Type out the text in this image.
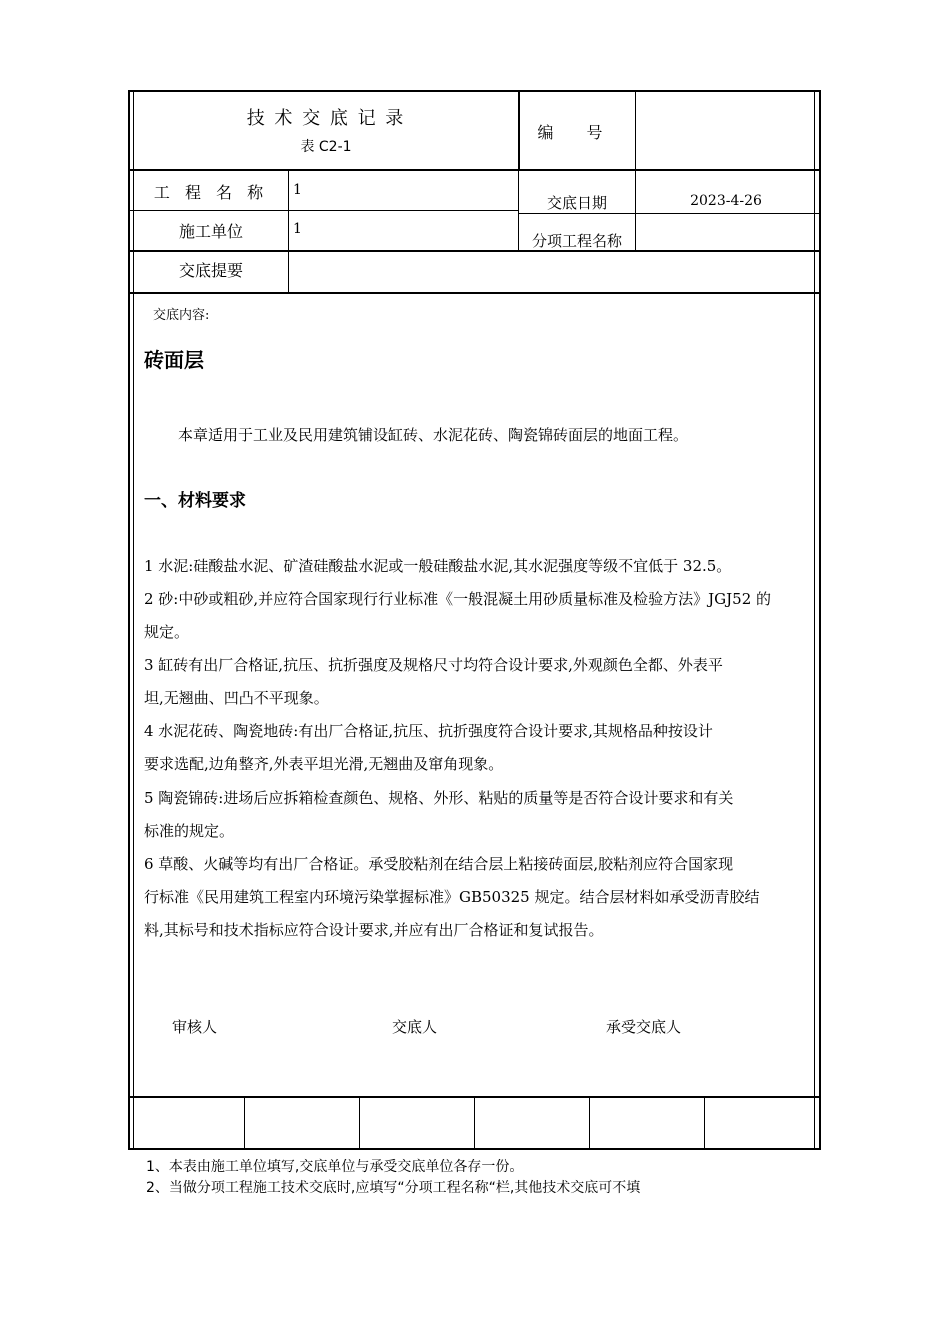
技 术 交 底 记 录
表 C2-1
编 号
工 程 名 称	1
交底日期	2023-4-26
施工单位	1
分项工程名称
交底提要
交底内容:
砖面层
本章适用于工业及民用建筑铺设缸砖、水泥花砖、陶瓷锦砖面层的地面工程。
一、材料要求
1 水泥:硅酸盐水泥、矿渣硅酸盐水泥或一般硅酸盐水泥,其水泥强度等级不宜低于 32.5。
2 砂:中砂或粗砂,并应符合国家现行行业标准《一般混凝土用砂质量标准及检验方法》JGJ52 的
规定。
3 缸砖有出厂合格证,抗压、抗折强度及规格尺寸均符合设计要求,外观颜色全都、外表平
坦,无翘曲、凹凸不平现象。
4 水泥花砖、陶瓷地砖:有出厂合格证,抗压、抗折强度符合设计要求,其规格品种按设计
要求选配,边角整齐,外表平坦光滑,无翘曲及窜角现象。
5 陶瓷锦砖:进场后应拆箱检查颜色、规格、外形、粘贴的质量等是否符合设计要求和有关
标准的规定。
6 草酸、火碱等均有出厂合格证。承受胶粘剂在结合层上粘接砖面层,胶粘剂应符合国家现
行标准《民用建筑工程室内环境污染掌握标准》GB50325 规定。结合层材料如承受沥青胶结
料,其标号和技术指标应符合设计要求,并应有出厂合格证和复试报告。
审核人	交底人	承受交底人
1、本表由施工单位填写,交底单位与承受交底单位各存一份。
2、当做分项工程施工技术交底时,应填写“分项工程名称“栏,其他技术交底可不填
